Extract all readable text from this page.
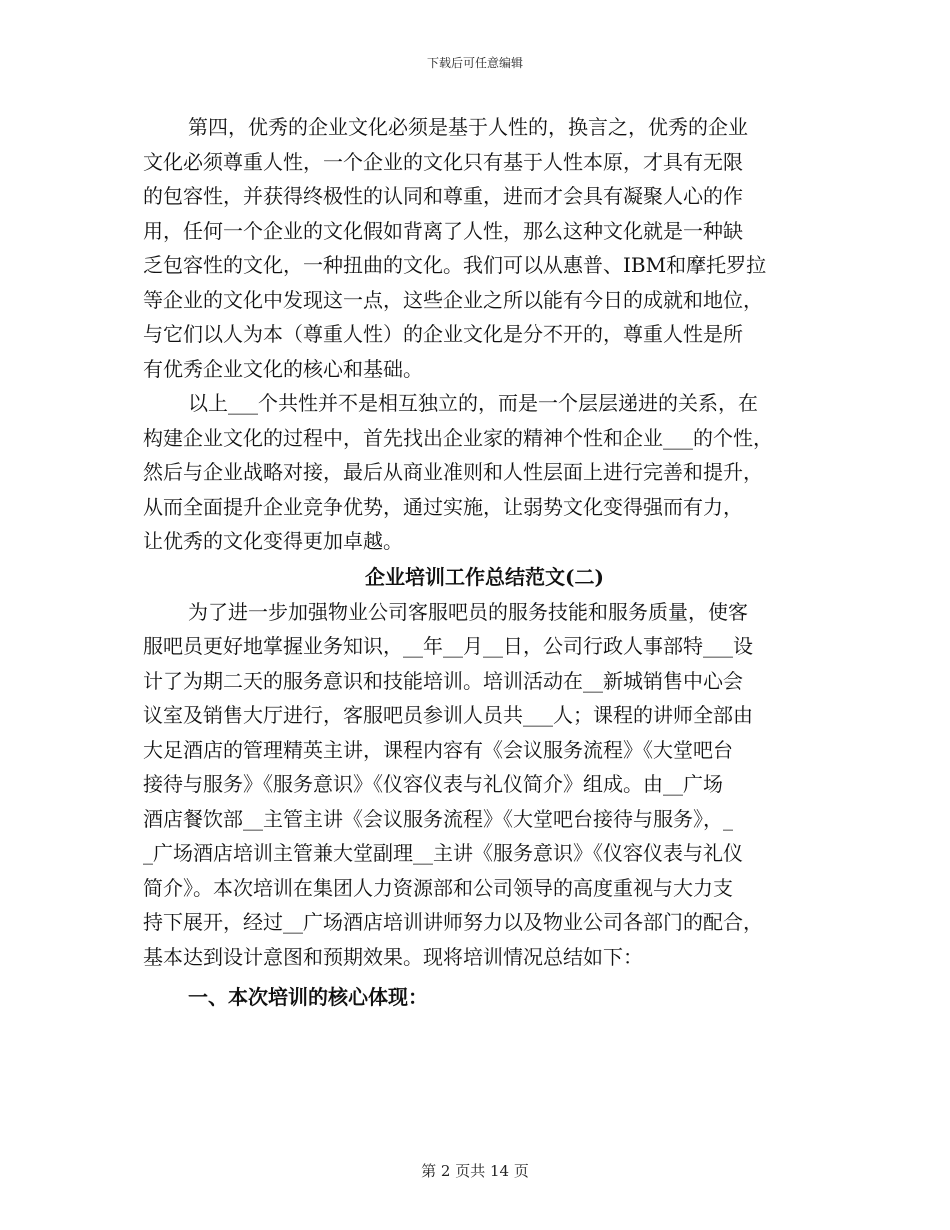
下载后可任意编辑
第四，优秀的企业文化必须是基于人性的，换言之，优秀的企业
文化必须尊重人性，一个企业的文化只有基于人性本原，才具有无限
的包容性，并获得终极性的认同和尊重，进而才会具有凝聚人心的作
用，任何一个企业的文化假如背离了人性，那么这种文化就是一种缺
乏包容性的文化，一种扭曲的文化。我们可以从惠普、IBM和摩托罗拉
等企业的文化中发现这一点，这些企业之所以能有今日的成就和地位，
与它们以人为本（尊重人性）的企业文化是分不开的，尊重人性是所
有优秀企业文化的核心和基础。
以上___个共性并不是相互独立的，而是一个层层递进的关系，在
构建企业文化的过程中，首先找出企业家的精神个性和企业___的个性，
然后与企业战略对接，最后从商业准则和人性层面上进行完善和提升，
从而全面提升企业竞争优势，通过实施，让弱势文化变得强而有力，
让优秀的文化变得更加卓越。
企业培训工作总结范文(二)
为了进一步加强物业公司客服吧员的服务技能和服务质量，使客
服吧员更好地掌握业务知识，__年__月__日，公司行政人事部特___设
计了为期二天的服务意识和技能培训。培训活动在__新城销售中心会
议室及销售大厅进行，客服吧员参训人员共___人；课程的讲师全部由
大足酒店的管理精英主讲，课程内容有《会议服务流程》《大堂吧台
接待与服务》《服务意识》《仪容仪表与礼仪简介》组成。由__广场
酒店餐饮部__主管主讲《会议服务流程》《大堂吧台接待与服务》，_
_广场酒店培训主管兼大堂副理__主讲《服务意识》《仪容仪表与礼仪
简介》。本次培训在集团人力资源部和公司领导的高度重视与大力支
持下展开，经过__广场酒店培训讲师努力以及物业公司各部门的配合，
基本达到设计意图和预期效果。现将培训情况总结如下：
一、本次培训的核心体现：
第 2 页共 14 页
